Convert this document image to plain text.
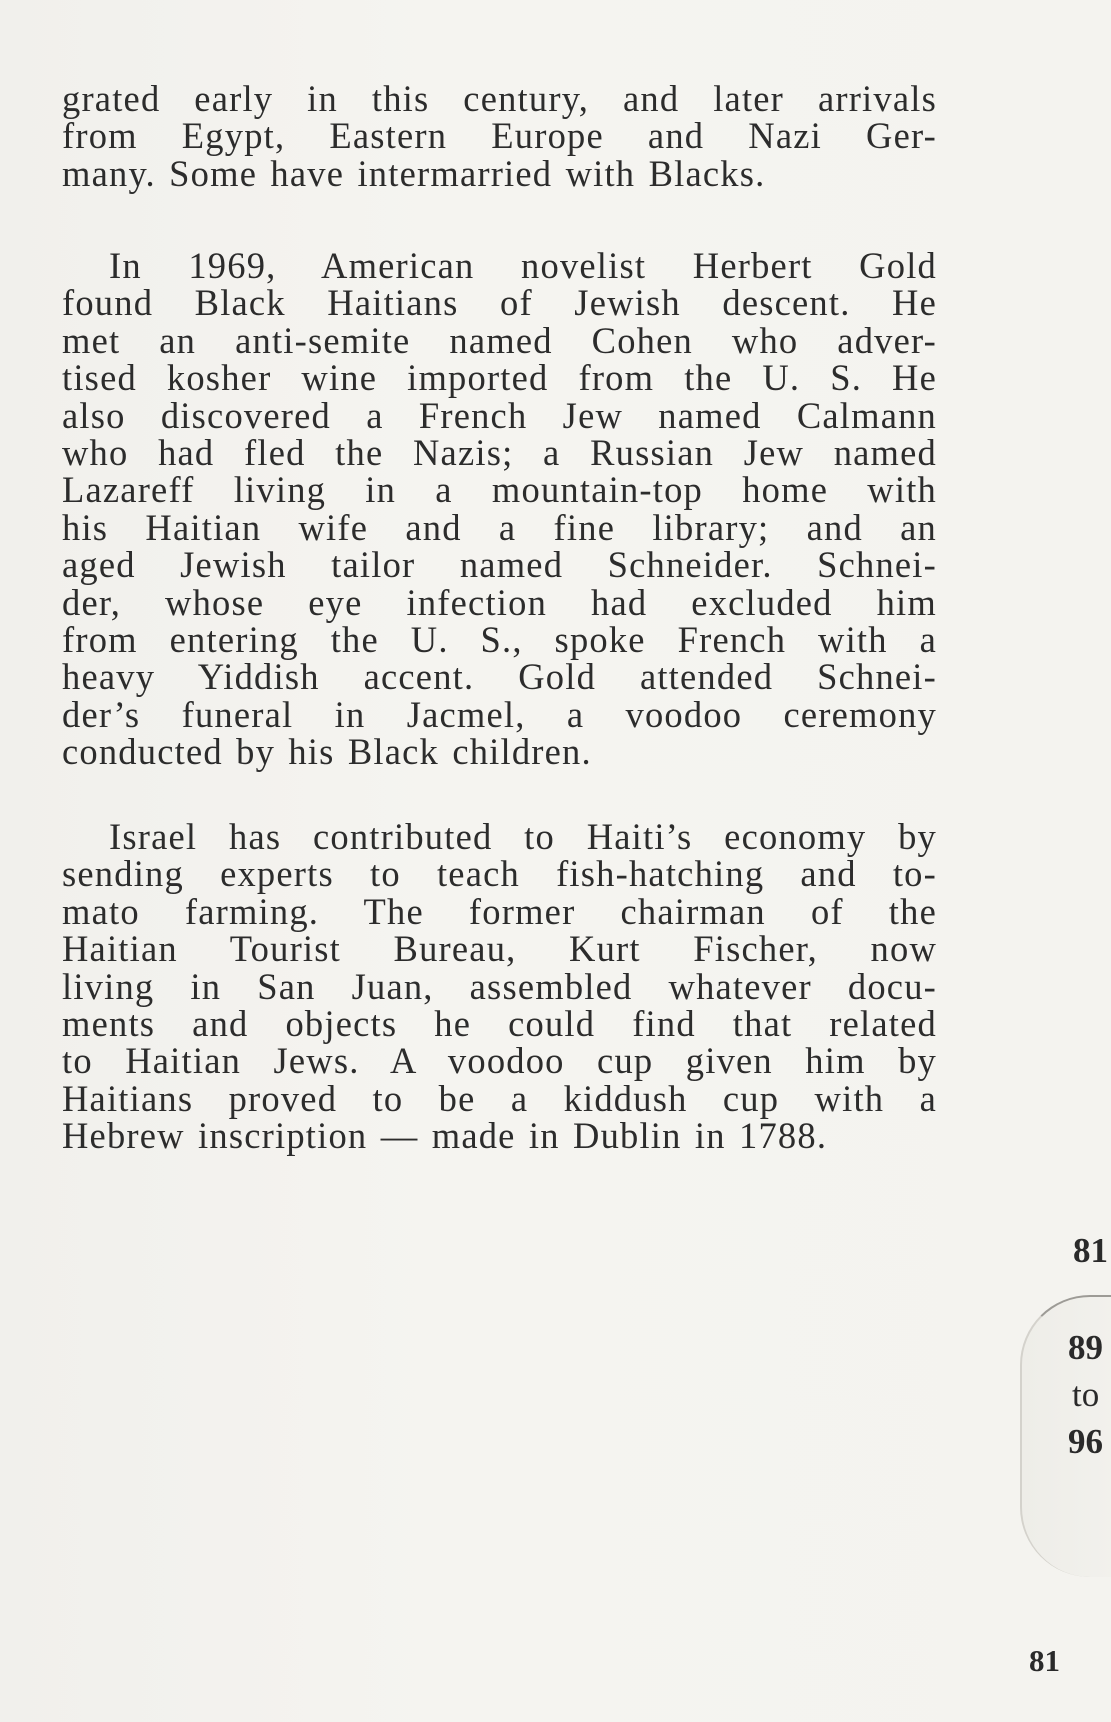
grated early in this century, and later arrivals
from Egypt, Eastern Europe and Nazi Ger-
many. Some have intermarried with Blacks.

In 1969, American novelist Herbert Gold
found Black Haitians of Jewish descent. He
met an anti-semite named Cohen who adver-
tised kosher wine imported from the U. S. He
also discovered a French Jew named Calmann
who had fled the Nazis; a Russian Jew named
Lazareff living in a mountain-top home with
his Haitian wife and a fine library; and an
aged Jewish tailor named Schneider. Schnei-
der, whose eye infection had excluded him
from entering the U. S., spoke French with a
heavy Yiddish accent. Gold attended Schnei-
der’s funeral in Jacmel, a voodoo ceremony
conducted by his Black children.

Israel has contributed to Haiti’s economy by
sending experts to teach fish-hatching and to-
mato farming. The former chairman of the
Haitian Tourist Bureau, Kurt Fischer, now
living in San Juan, assembled whatever docu-
ments and objects he could find that related
to Haitian Jews. A voodoo cup given him by
Haitians proved to be a kiddush cup with a
Hebrew inscription — made in Dublin in 1788.

81
89
to
96
81
